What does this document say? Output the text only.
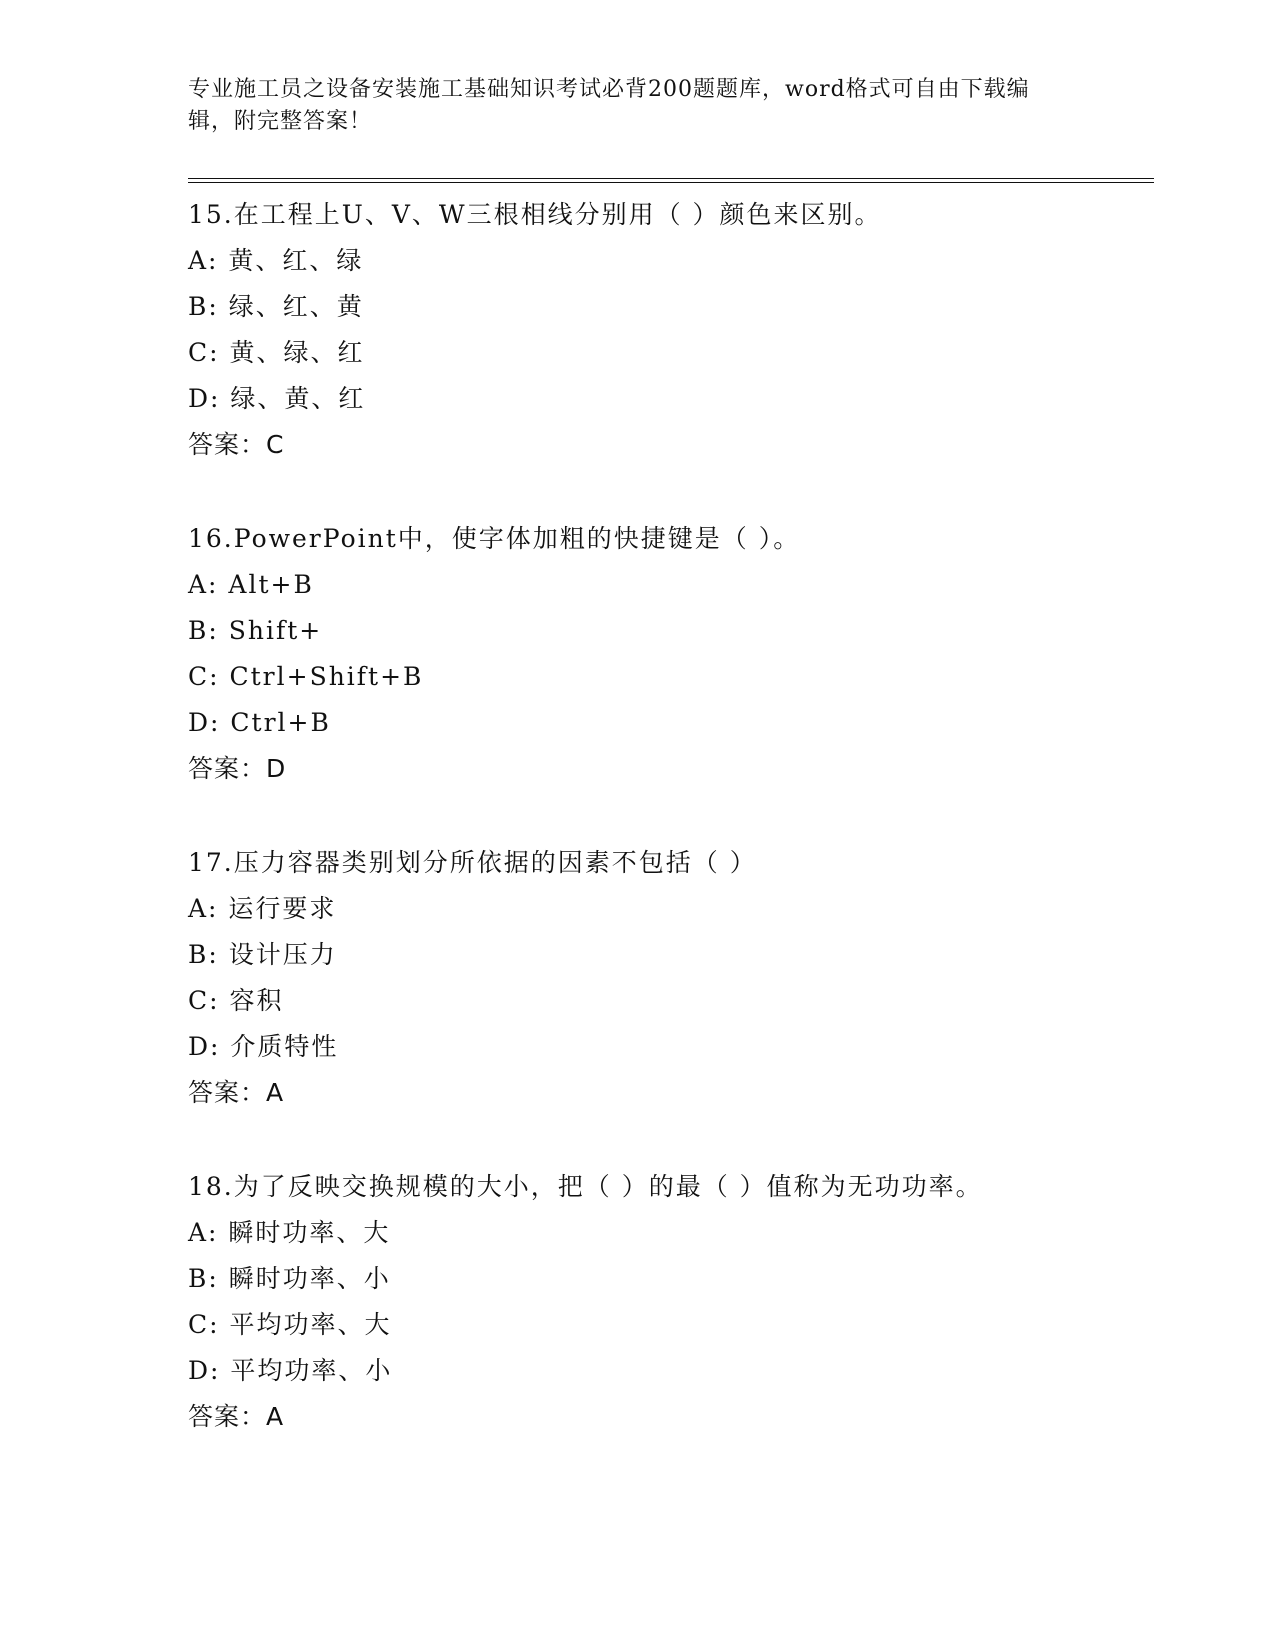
专业施工员之设备安装施工基础知识考试必背200题题库，word格式可自由下载编辑，附完整答案！
15.在工程上U、V、W三根相线分别用（ ）颜色来区别。
A: 黄、红、绿
B: 绿、红、黄
C: 黄、绿、红
D: 绿、黄、红
答案：C
16.PowerPoint中，使字体加粗的快捷键是（ ）。
A: Alt+B
B: Shift+
C: Ctrl+Shift+B
D: Ctrl+B
答案：D
17.压力容器类别划分所依据的因素不包括（ ）
A: 运行要求
B: 设计压力
C: 容积
D: 介质特性
答案：A
18.为了反映交换规模的大小，把（ ）的最（ ）值称为无功功率。
A: 瞬时功率、大
B: 瞬时功率、小
C: 平均功率、大
D: 平均功率、小
答案：A
